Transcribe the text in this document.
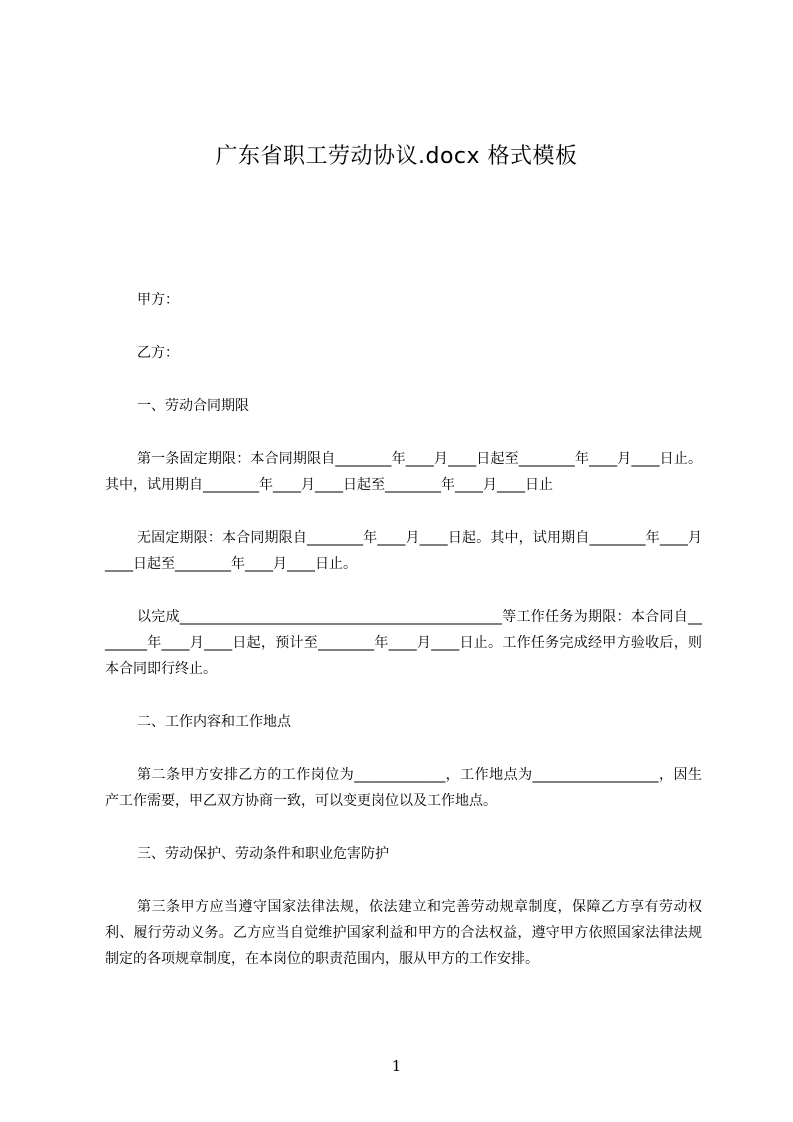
广东省职工劳动协议.docx 格式模板

甲方：

乙方：

一、劳动合同期限

第一条固定期限：本合同期限自________年____月____日起至________年____月____日止。其中，试用期自________年____月____日起至________年____月____日止

无固定期限：本合同期限自________年____月____日起。其中，试用期自________年____月____日起至________年____月____日止。

以完成______________________________________________等工作任务为期限：本合同自________年____月____日起，预计至________年____月____日止。工作任务完成经甲方验收后，则本合同即行终止。

二、工作内容和工作地点

第二条甲方安排乙方的工作岗位为_____________，工作地点为__________________，因生产工作需要，甲乙双方协商一致，可以变更岗位以及工作地点。

三、劳动保护、劳动条件和职业危害防护

第三条甲方应当遵守国家法律法规，依法建立和完善劳动规章制度，保障乙方享有劳动权利、履行劳动义务。乙方应当自觉维护国家利益和甲方的合法权益，遵守甲方依照国家法律法规制定的各项规章制度，在本岗位的职责范围内，服从甲方的工作安排。

1
